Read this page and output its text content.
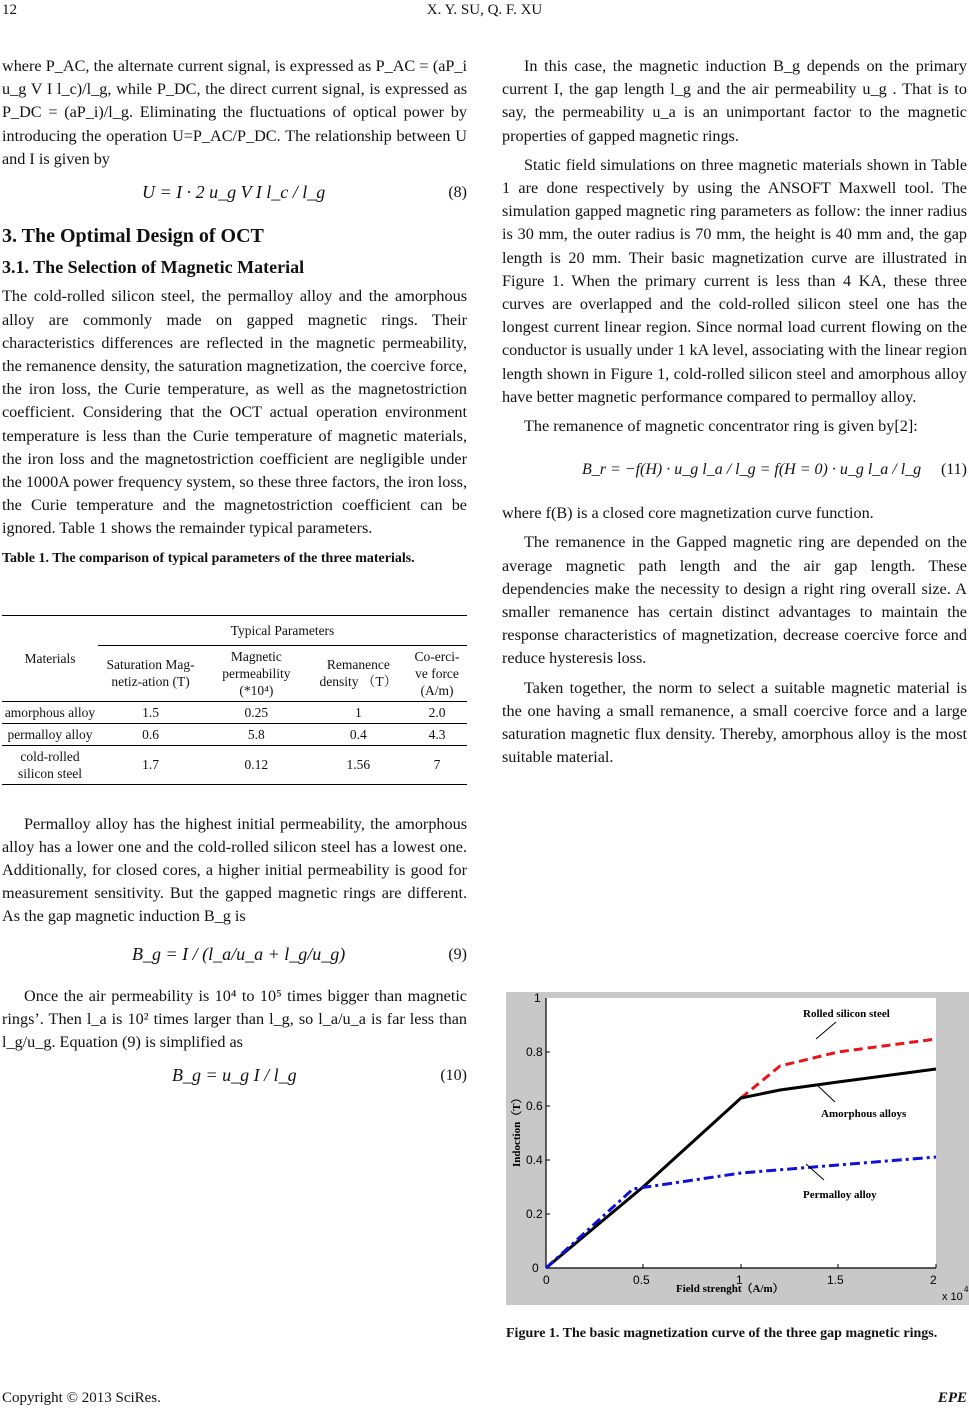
12	X. Y. SU, Q. F. XU

where P_AC, the alternate current signal, is expressed as P_AC = (aP_i u_g V I l_c)/l_g, while P_DC, the direct current signal, is expressed as P_DC = (aP_i)/l_g. Eliminating the fluctuations of optical power by introducing the operation U=P_AC/P_DC. The relationship between U and I is given by

U = I · 2 u_g V I l_c / l_g	(8)
3. The Optimal Design of OCT
3.1. The Selection of Magnetic Material

The cold-rolled silicon steel, the permalloy alloy and the amorphous alloy are commonly made on gapped magnetic rings. Their characteristics differences are reflected in the magnetic permeability, the remanence density, the saturation magnetization, the coercive force, the iron loss, the Curie temperature, as well as the magnetostriction coefficient. Considering that the OCT actual operation environment temperature is less than the Curie temperature of magnetic materials, the iron loss and the magnetostriction coefficient are negligible under the 1000A power frequency system, so these three factors, the iron loss, the Curie temperature and the magnetostriction coefficient can be ignored. Table 1 shows the remainder typical parameters.

Table 1. The comparison of typical parameters of the three materials.

Materials	Typical Parameters			
	Saturation Mag-netiz-ation (T)	Magnetic permeability (*10⁴)	Remanence density （T）	Co-erci-ve force (A/m)
amorphous alloy	1.5	0.25	1	2.0
permalloy alloy	0.6	5.8	0.4	4.3
cold-rolled silicon steel	1.7	0.12	1.56	7

Permalloy alloy has the highest initial permeability, the amorphous alloy has a lower one and the cold-rolled silicon steel has a lowest one. Additionally, for closed cores, a higher initial permeability is good for measurement sensitivity. But the gapped magnetic rings are different. As the gap magnetic induction B_g is

B_g = I / (l_a/u_a + l_g/u_g)	(9)

Once the air permeability is 10⁴ to 10⁵ times bigger than magnetic rings’. Then l_a is 10² times larger than l_g, so l_a/u_a is far less than l_g/u_g. Equation (9) is simplified as

B_g = u_g I / l_g	(10)

In this case, the magnetic induction B_g depends on the primary current I, the gap length l_g and the air permeability u_g . That is to say, the permeability u_a is an unimportant factor to the magnetic properties of gapped magnetic rings.

Static field simulations on three magnetic materials shown in Table 1 are done respectively by using the ANSOFT Maxwell tool. The simulation gapped magnetic ring parameters as follow: the inner radius is 30 mm, the outer radius is 70 mm, the height is 40 mm and, the gap length is 20 mm. Their basic magnetization curve are illustrated in Figure 1. When the primary current is less than 4 KA, these three curves are overlapped and the cold-rolled silicon steel one has the longest current linear region. Since normal load current flowing on the conductor is usually under 1 kA level, associating with the linear region length shown in Figure 1, cold-rolled silicon steel and amorphous alloy have better magnetic performance compared to permalloy alloy.

The remanence of magnetic concentrator ring is given by[2]:

B_r = −f(H) · u_g l_a / l_g = f(H = 0) · u_g l_a / l_g (11)

where f(B) is a closed core magnetization curve function.

The remanence in the Gapped magnetic ring are depended on the average magnetic path length and the air gap length. These dependencies make the necessity to design a right ring overall size. A smaller remanence has certain distinct advantages to maintain the response characteristics of magnetization, decrease coercive force and reduce hysteresis loss.

Taken together, the norm to select a suitable magnetic material is the one having a small remanence, a small coercive force and a large saturation magnetic flux density. Thereby, amorphous alloy is the most suitable material.

0
0.2
0.4
0.6
0.8
1
0	0.5	1	1.5	2
x 10
4
Rolled silicon steel
Amorphous alloys
Permalloy alloy
Field strenght（A/m）
Indoction（T）
Figure 1. The basic magnetization curve of the three gap magnetic rings.
Copyright © 2013 SciRes.	EPE
